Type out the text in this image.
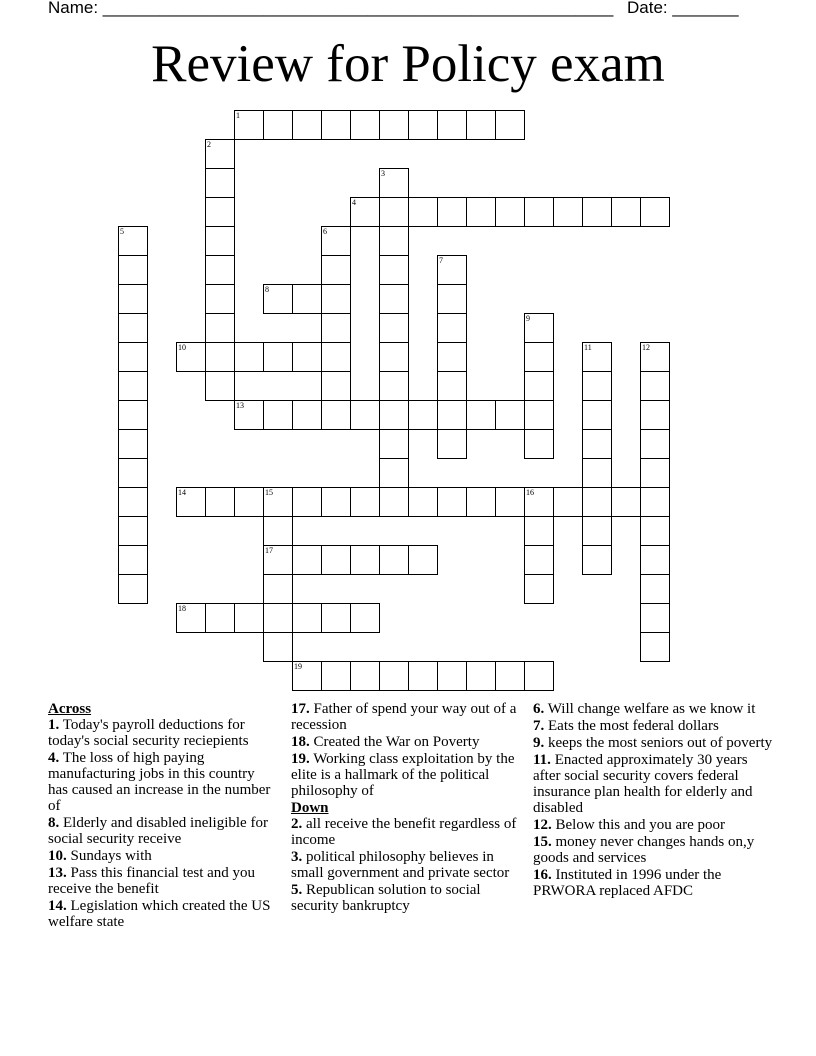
Name: ______________________________________________________ Date: _______
Review for Policy exam
1
2
3
4
5	6
7
8
9
10	11	12
13
14	15	16
17
18
19
Across
1. Today's payroll deductions for today's social security reciepients
4. The loss of high paying manufacturing jobs in this country has caused an increase in the number of
8. Elderly and disabled ineligible for social security receive
10. Sundays with
13. Pass this financial test and you receive the benefit
14. Legislation which created the US welfare state
17. Father of spend your way out of a recession
18. Created the War on Poverty
19. Working class exploitation by the elite is a hallmark of the political philosophy of
Down
2. all receive the benefit regardless of income
3. political philosophy believes in small government and private sector
5. Republican solution to social security bankruptcy
6. Will change welfare as we know it
7. Eats the most federal dollars
9. keeps the most seniors out of poverty
11. Enacted approximately 30 years after social security covers federal insurance plan health for elderly and disabled
12. Below this and you are poor
15. money never changes hands on,y goods and services
16. Instituted in 1996 under the PRWORA replaced AFDC
